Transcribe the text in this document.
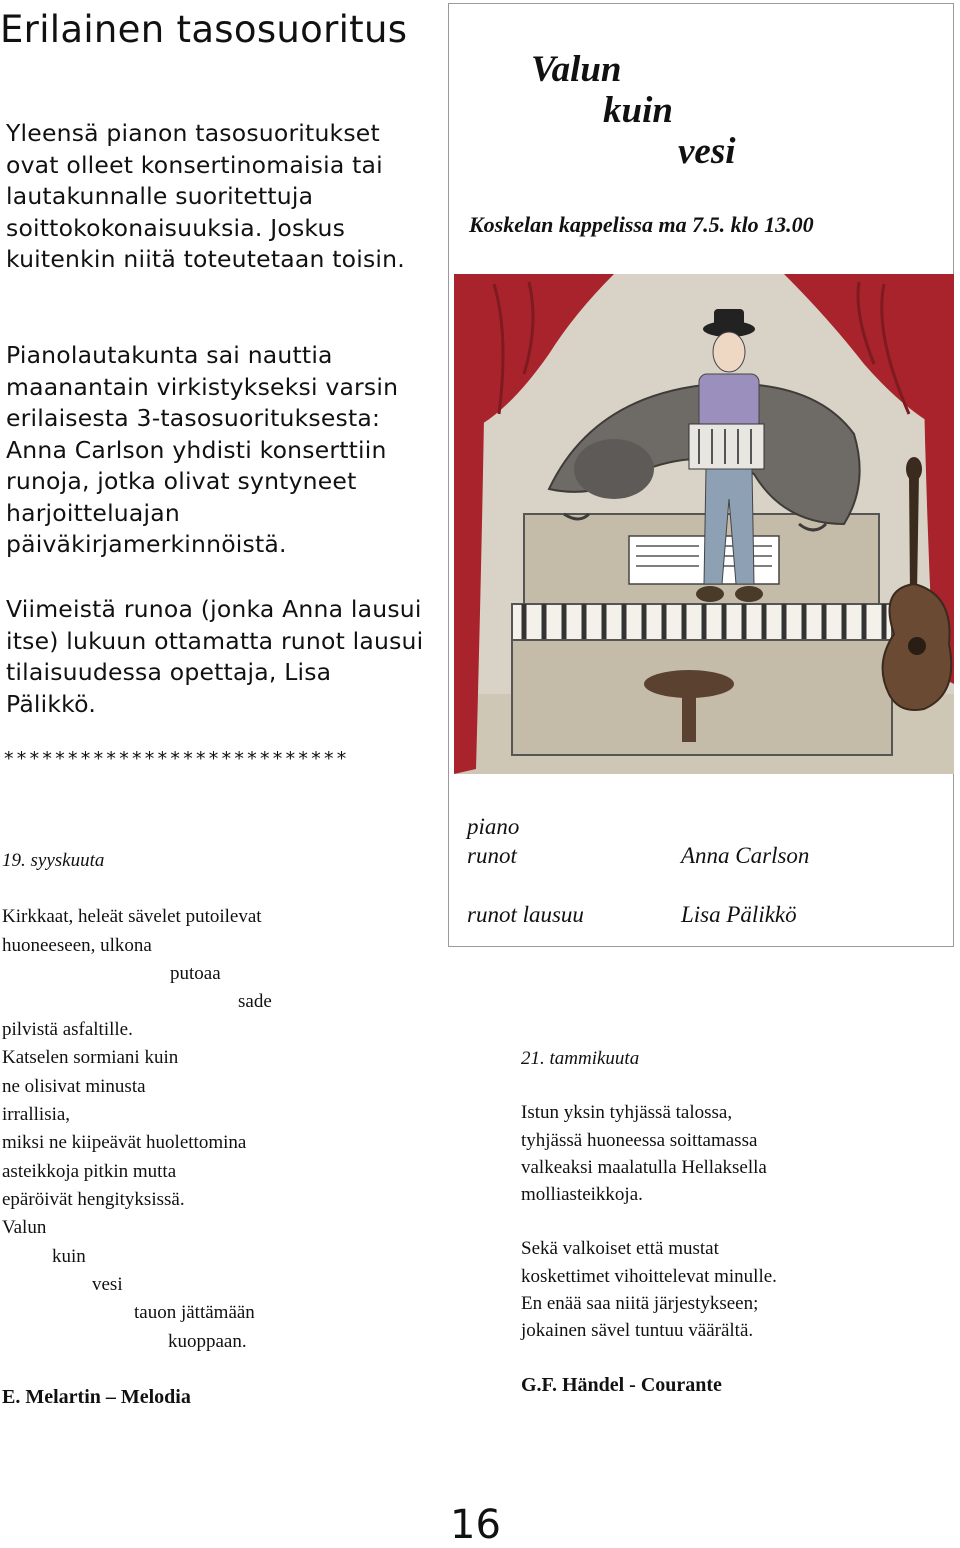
Erilainen tasosuoritus

Yleensä pianon tasosuoritukset ovat olleet konsertinomaisia tai lautakunnalle suoritettuja soittokokonaisuuksia. Joskus kuitenkin niitä toteutetaan toisin.

Pianolautakunta sai nauttia maanantain virkistykseksi varsin erilaisesta 3-tasosuorituksesta: Anna Carlson yhdisti konserttiin runoja, jotka olivat syntyneet harjoitteluajan päiväkirjamerkinnöistä.

Viimeistä runoa (jonka Anna lausui itse) lukuun ottamatta runot lausui tilaisuudessa opettaja, Lisa Pälikkö.

***************************
Valun
kuin
vesi
Koskelan kappelissa ma 7.5. klo 13.00
piano
runot	Anna Carlson
runot lausuu	Lisa Pälikkö
19. syyskuuta
Kirkkaat, heleät sävelet putoilevat
huoneeseen, ulkona
putoaa
sade
pilvistä asfaltille.
Katselen sormiani kuin
ne olisivat minusta
irrallisia,
miksi ne kiipeävät huolettomina
asteikkoja pitkin mutta
epäröivät hengityksissä.
Valun
kuin
vesi
tauon jättämään
kuoppaan.
E. Melartin – Melodia
21. tammikuuta
Istun yksin tyhjässä talossa,
tyhjässä huoneessa soittamassa
valkeaksi maalatulla Hellaksella
molliasteikkoja.
Sekä valkoiset että mustat
koskettimet vihoittelevat minulle.
En enää saa niitä järjestykseen;
jokainen sävel tuntuu väärältä.
G.F. Händel - Courante
16
